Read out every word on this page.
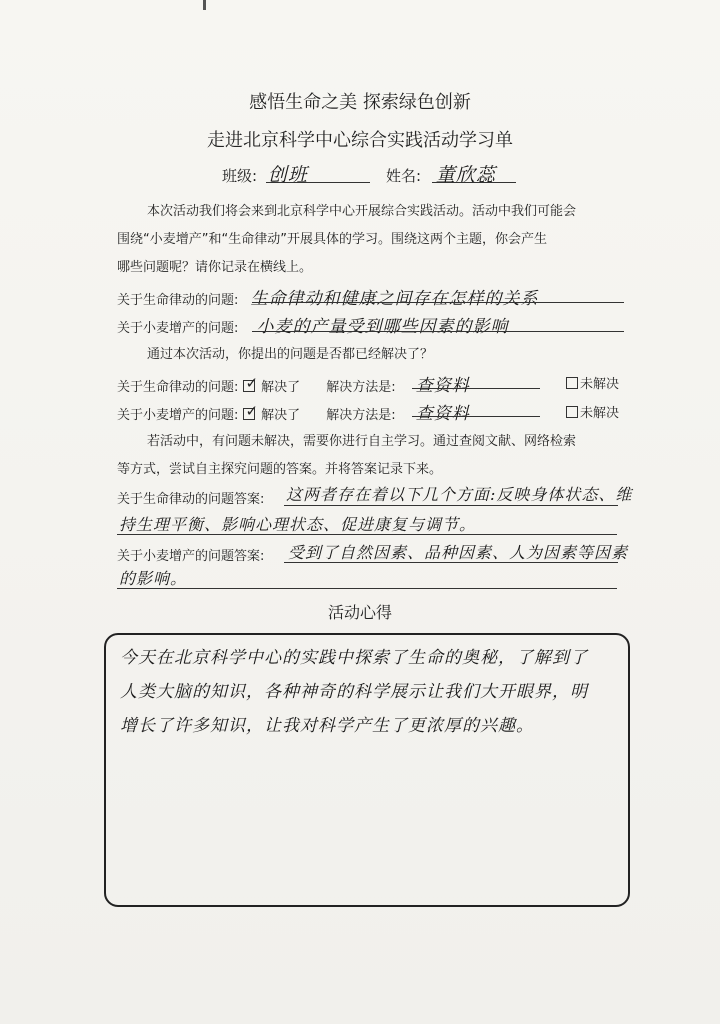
感悟生命之美 探索绿色创新
走进北京科学中心综合实践活动学习单
班级: 创班	姓名: 董欣蕊
本次活动我们将会来到北京科学中心开展综合实践活动。活动中我们可能会
围绕“小麦增产”和“生命律动”开展具体的学习。围绕这两个主题，你会产生
哪些问题呢？请你记录在横线上。
关于生命律动的问题: 生命律动和健康之间存在怎样的关系
关于小麦增产的问题: 小麦的产量受到哪些因素的影响
通过本次活动，你提出的问题是否都已经解决了？
关于生命律动的问题: ✓ 解决了 解决方法是: 查资料	未解决
关于小麦增产的问题: ✓ 解决了 解决方法是: 查资料	未解决
若活动中，有问题未解决，需要你进行自主学习。通过查阅文献、网络检索
等方式，尝试自主探究问题的答案。并将答案记录下来。
关于生命律动的问题答案: 这两者存在着以下几个方面:反映身体状态、维
持生理平衡、影响心理状态、促进康复与调节。
关于小麦增产的问题答案: 受到了自然因素、品种因素、人为因素等因素
的影响。
活动心得
今天在北京科学中心的实践中探索了生命的奥秘，了解到了
人类大脑的知识，各种神奇的科学展示让我们大开眼界，明
增长了许多知识，让我对科学产生了更浓厚的兴趣。
